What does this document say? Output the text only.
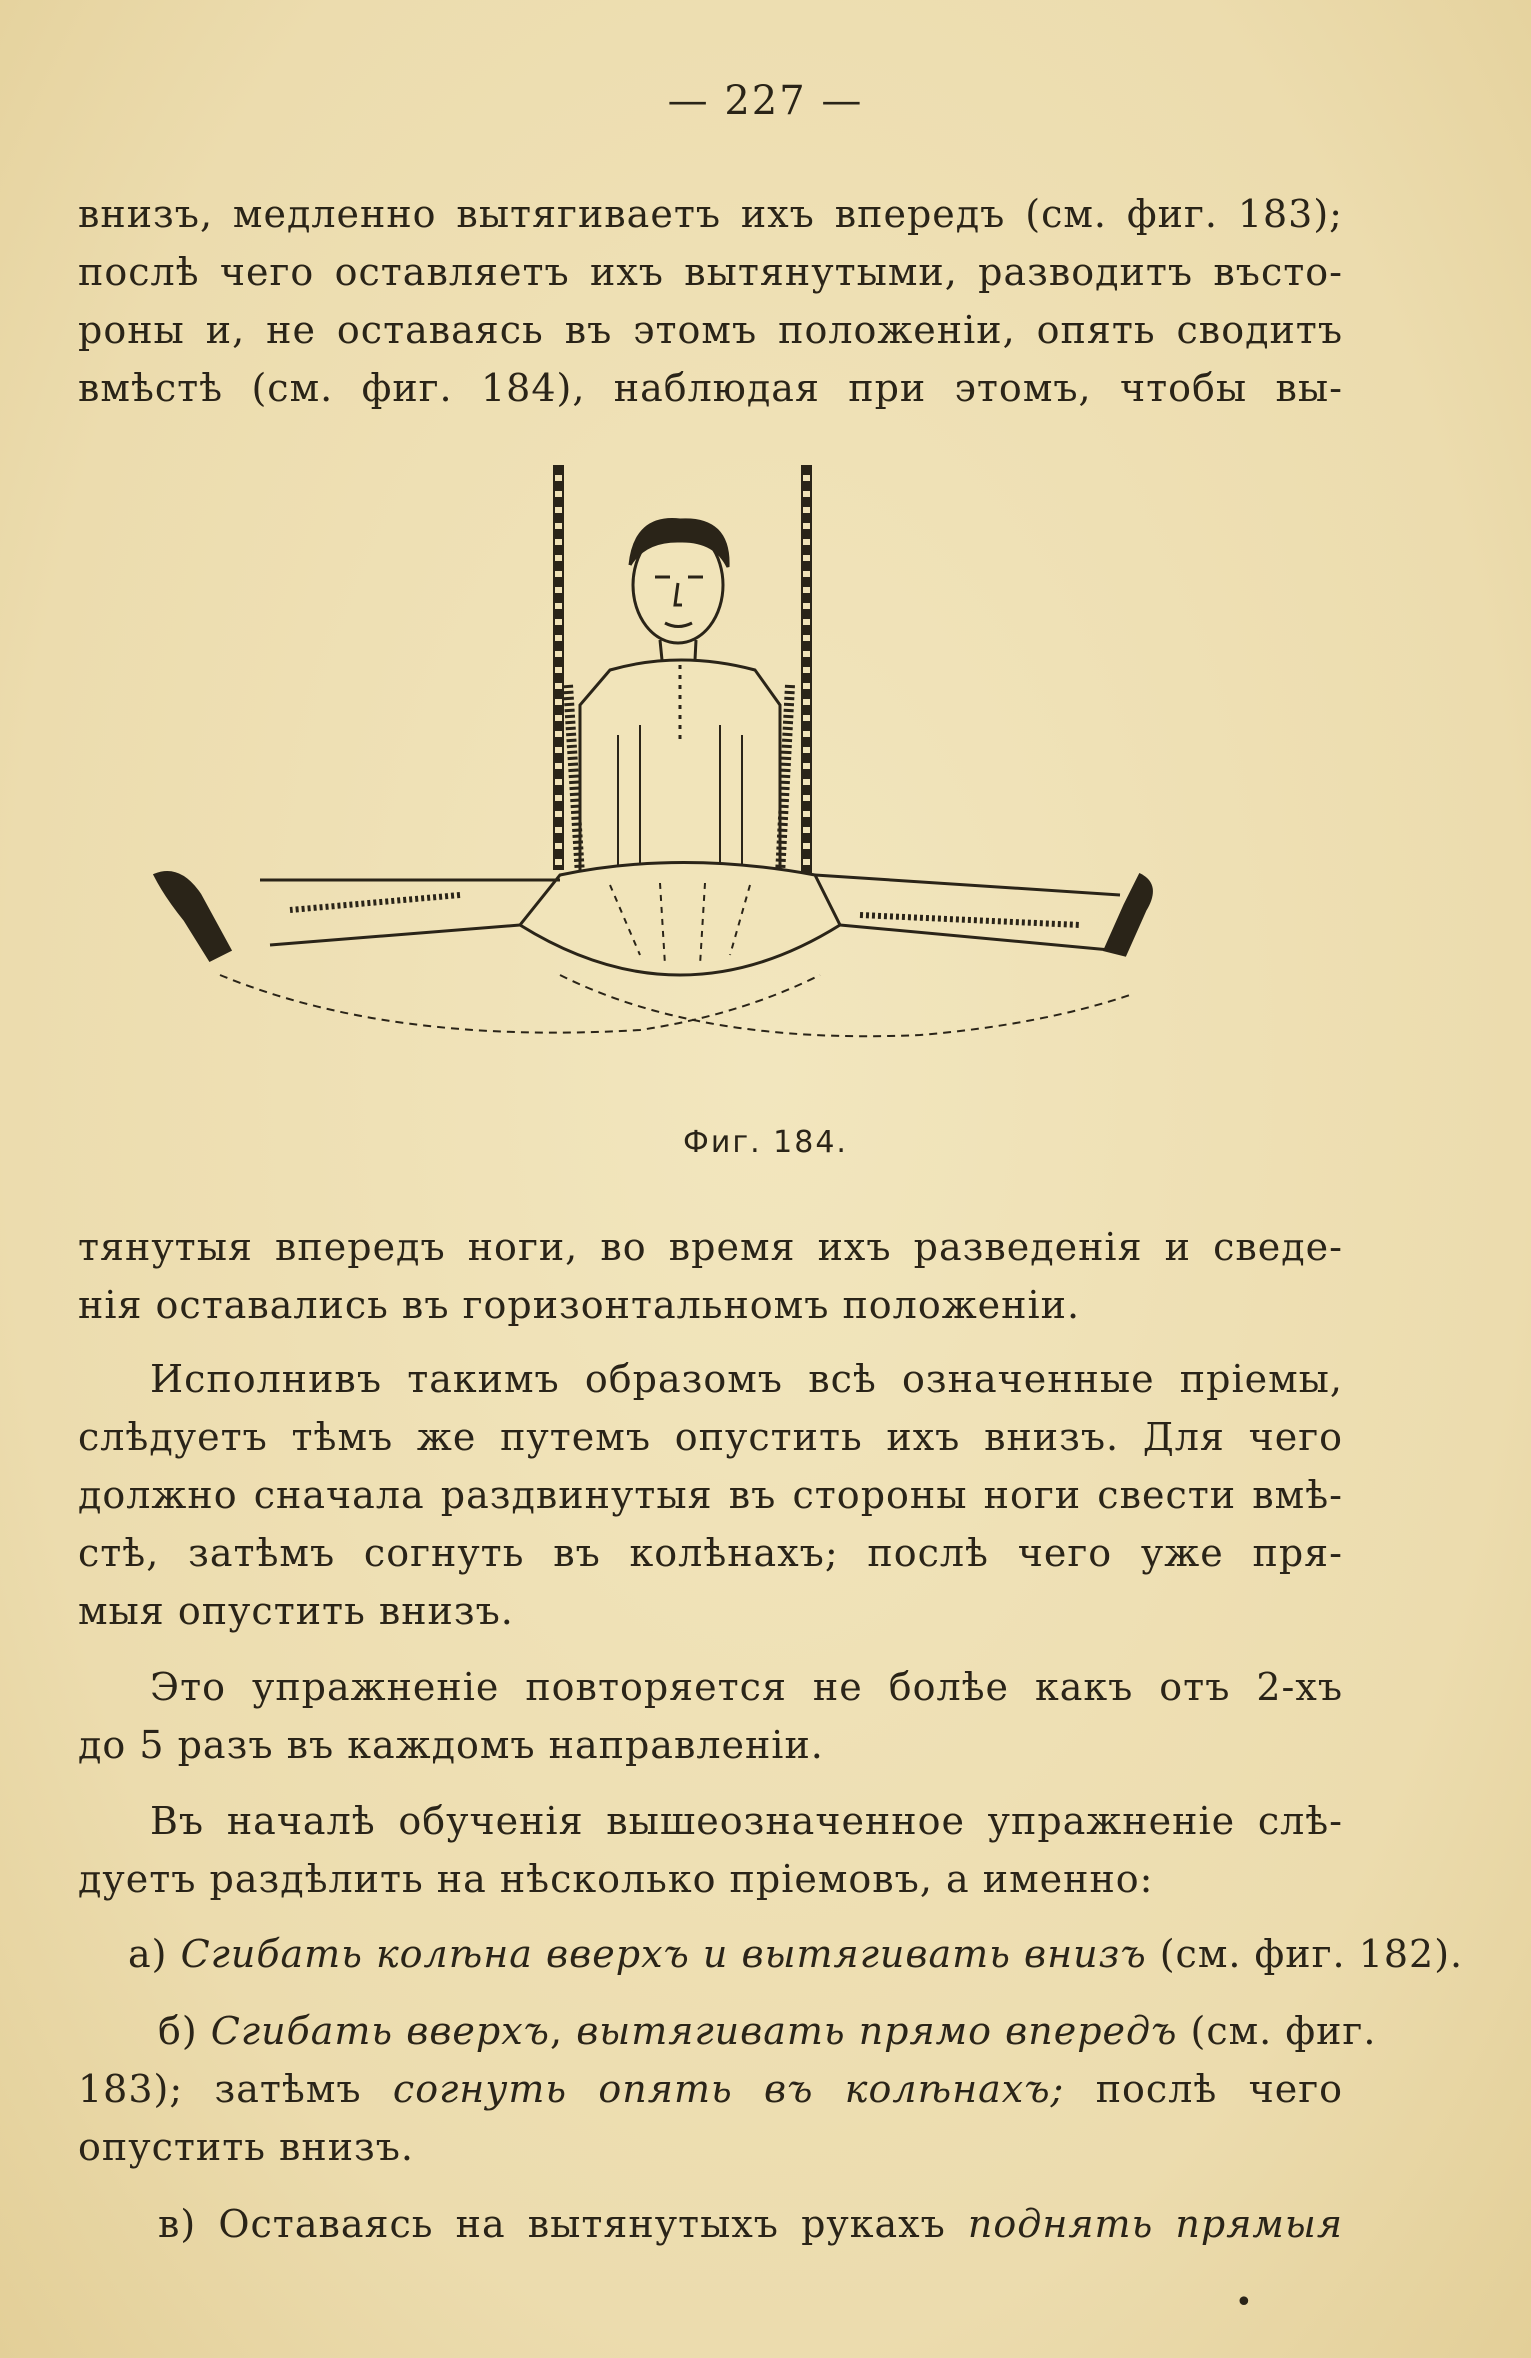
— 227 —
внизъ, медленно вытягиваетъ ихъ впередъ (см. фиг. 183);
послѣ чего оставляетъ ихъ вытянутыми, разводитъ въсто-
роны и, не оставаясь въ этомъ положеніи, опять сводитъ
вмѣстѣ (см. фиг. 184), наблюдая при этомъ, чтобы вы-
Фиг. 184.
тянутыя впередъ ноги, во время ихъ разведенія и сведе-
нія оставались въ горизонтальномъ положеніи.
Исполнивъ такимъ образомъ всѣ означенные пріемы,
слѣдуетъ тѣмъ же путемъ опустить ихъ внизъ. Для чего
должно сначала раздвинутыя въ стороны ноги свести вмѣ-
стѣ, затѣмъ согнуть въ колѣнахъ; послѣ чего уже пря-
мыя опустить внизъ.
Это упражненіе повторяется не болѣе какъ отъ 2-хъ
до 5 разъ въ каждомъ направленіи.
Въ началѣ обученія вышеозначенное упражненіе слѣ-
дуетъ раздѣлить на нѣсколько пріемовъ, а именно:
а) Сгибать колѣна вверхъ и вытягивать внизъ (см. фиг. 182).
б) Сгибать вверхъ, вытягивать прямо впередъ (см. фиг.
183); затѣмъ согнуть опять въ колѣнахъ; послѣ чего
опустить внизъ.
в) Оставаясь на вытянутыхъ рукахъ поднять прямыя
•
